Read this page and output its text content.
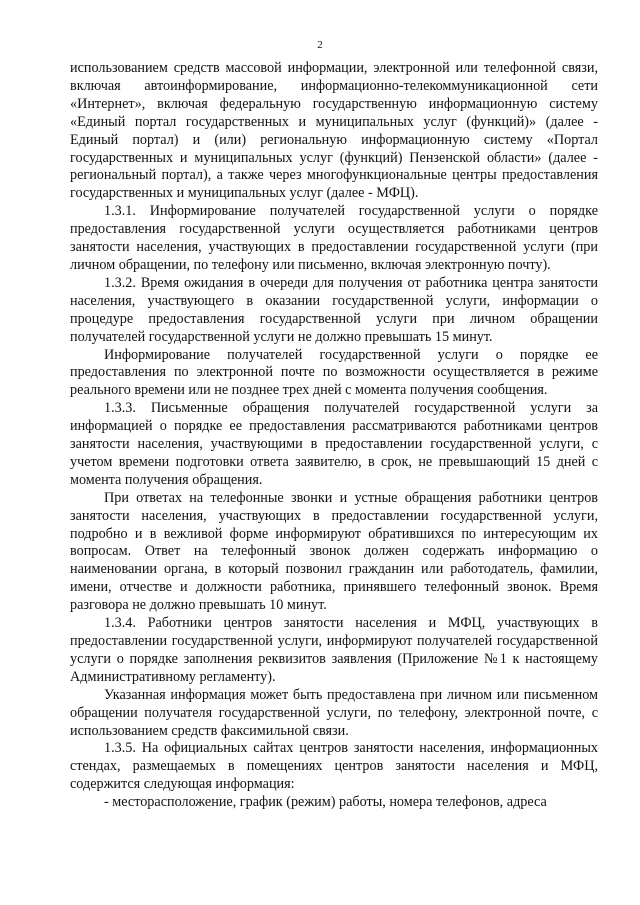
2

использованием средств массовой информации, электронной или телефонной связи, включая автоинформирование, информационно-телекоммуникационной сети «Интернет», включая федеральную государственную информационную систему «Единый портал государственных и муниципальных услуг (функций)» (далее - Единый портал) и (или) региональную информационную систему «Портал государственных и муниципальных услуг (функций) Пензенской области» (далее - региональный портал), а также через многофункциональные центры предоставления государственных и муниципальных услуг (далее - МФЦ).

1.3.1. Информирование получателей государственной услуги о порядке предоставления государственной услуги осуществляется работниками центров занятости населения, участвующих в предоставлении государственной услуги (при личном обращении, по телефону или письменно, включая электронную почту).

1.3.2. Время ожидания в очереди для получения от работника центра занятости населения, участвующего в оказании государственной услуги, информации о процедуре предоставления государственной услуги при личном обращении получателей государственной услуги не должно превышать 15 минут.

Информирование получателей государственной услуги о порядке ее предоставления по электронной почте по возможности осуществляется в режиме реального времени или не позднее трех дней с момента получения сообщения.

1.3.3. Письменные обращения получателей государственной услуги за информацией о порядке ее предоставления рассматриваются работниками центров занятости населения, участвующими в предоставлении государственной услуги, с учетом времени подготовки ответа заявителю, в срок, не превышающий 15 дней с момента получения обращения.

При ответах на телефонные звонки и устные обращения работники центров занятости населения, участвующих в предоставлении государственной услуги, подробно и в вежливой форме информируют обратившихся по интересующим их вопросам. Ответ на телефонный звонок должен содержать информацию о наименовании органа, в который позвонил гражданин или работодатель, фамилии, имени, отчестве и должности работника, принявшего телефонный звонок. Время разговора не должно превышать 10 минут.

1.3.4. Работники центров занятости населения и МФЦ, участвующих в предоставлении государственной услуги, информируют получателей государственной услуги о порядке заполнения реквизитов заявления (Приложение №1 к настоящему Административному регламенту).

Указанная информация может быть предоставлена при личном или письменном обращении получателя государственной услуги, по телефону, электронной почте, с использованием средств факсимильной связи.

1.3.5. На официальных сайтах центров занятости населения, информационных стендах, размещаемых в помещениях центров занятости населения и МФЦ, содержится следующая информация:

- месторасположение, график (режим) работы, номера телефонов, адреса
